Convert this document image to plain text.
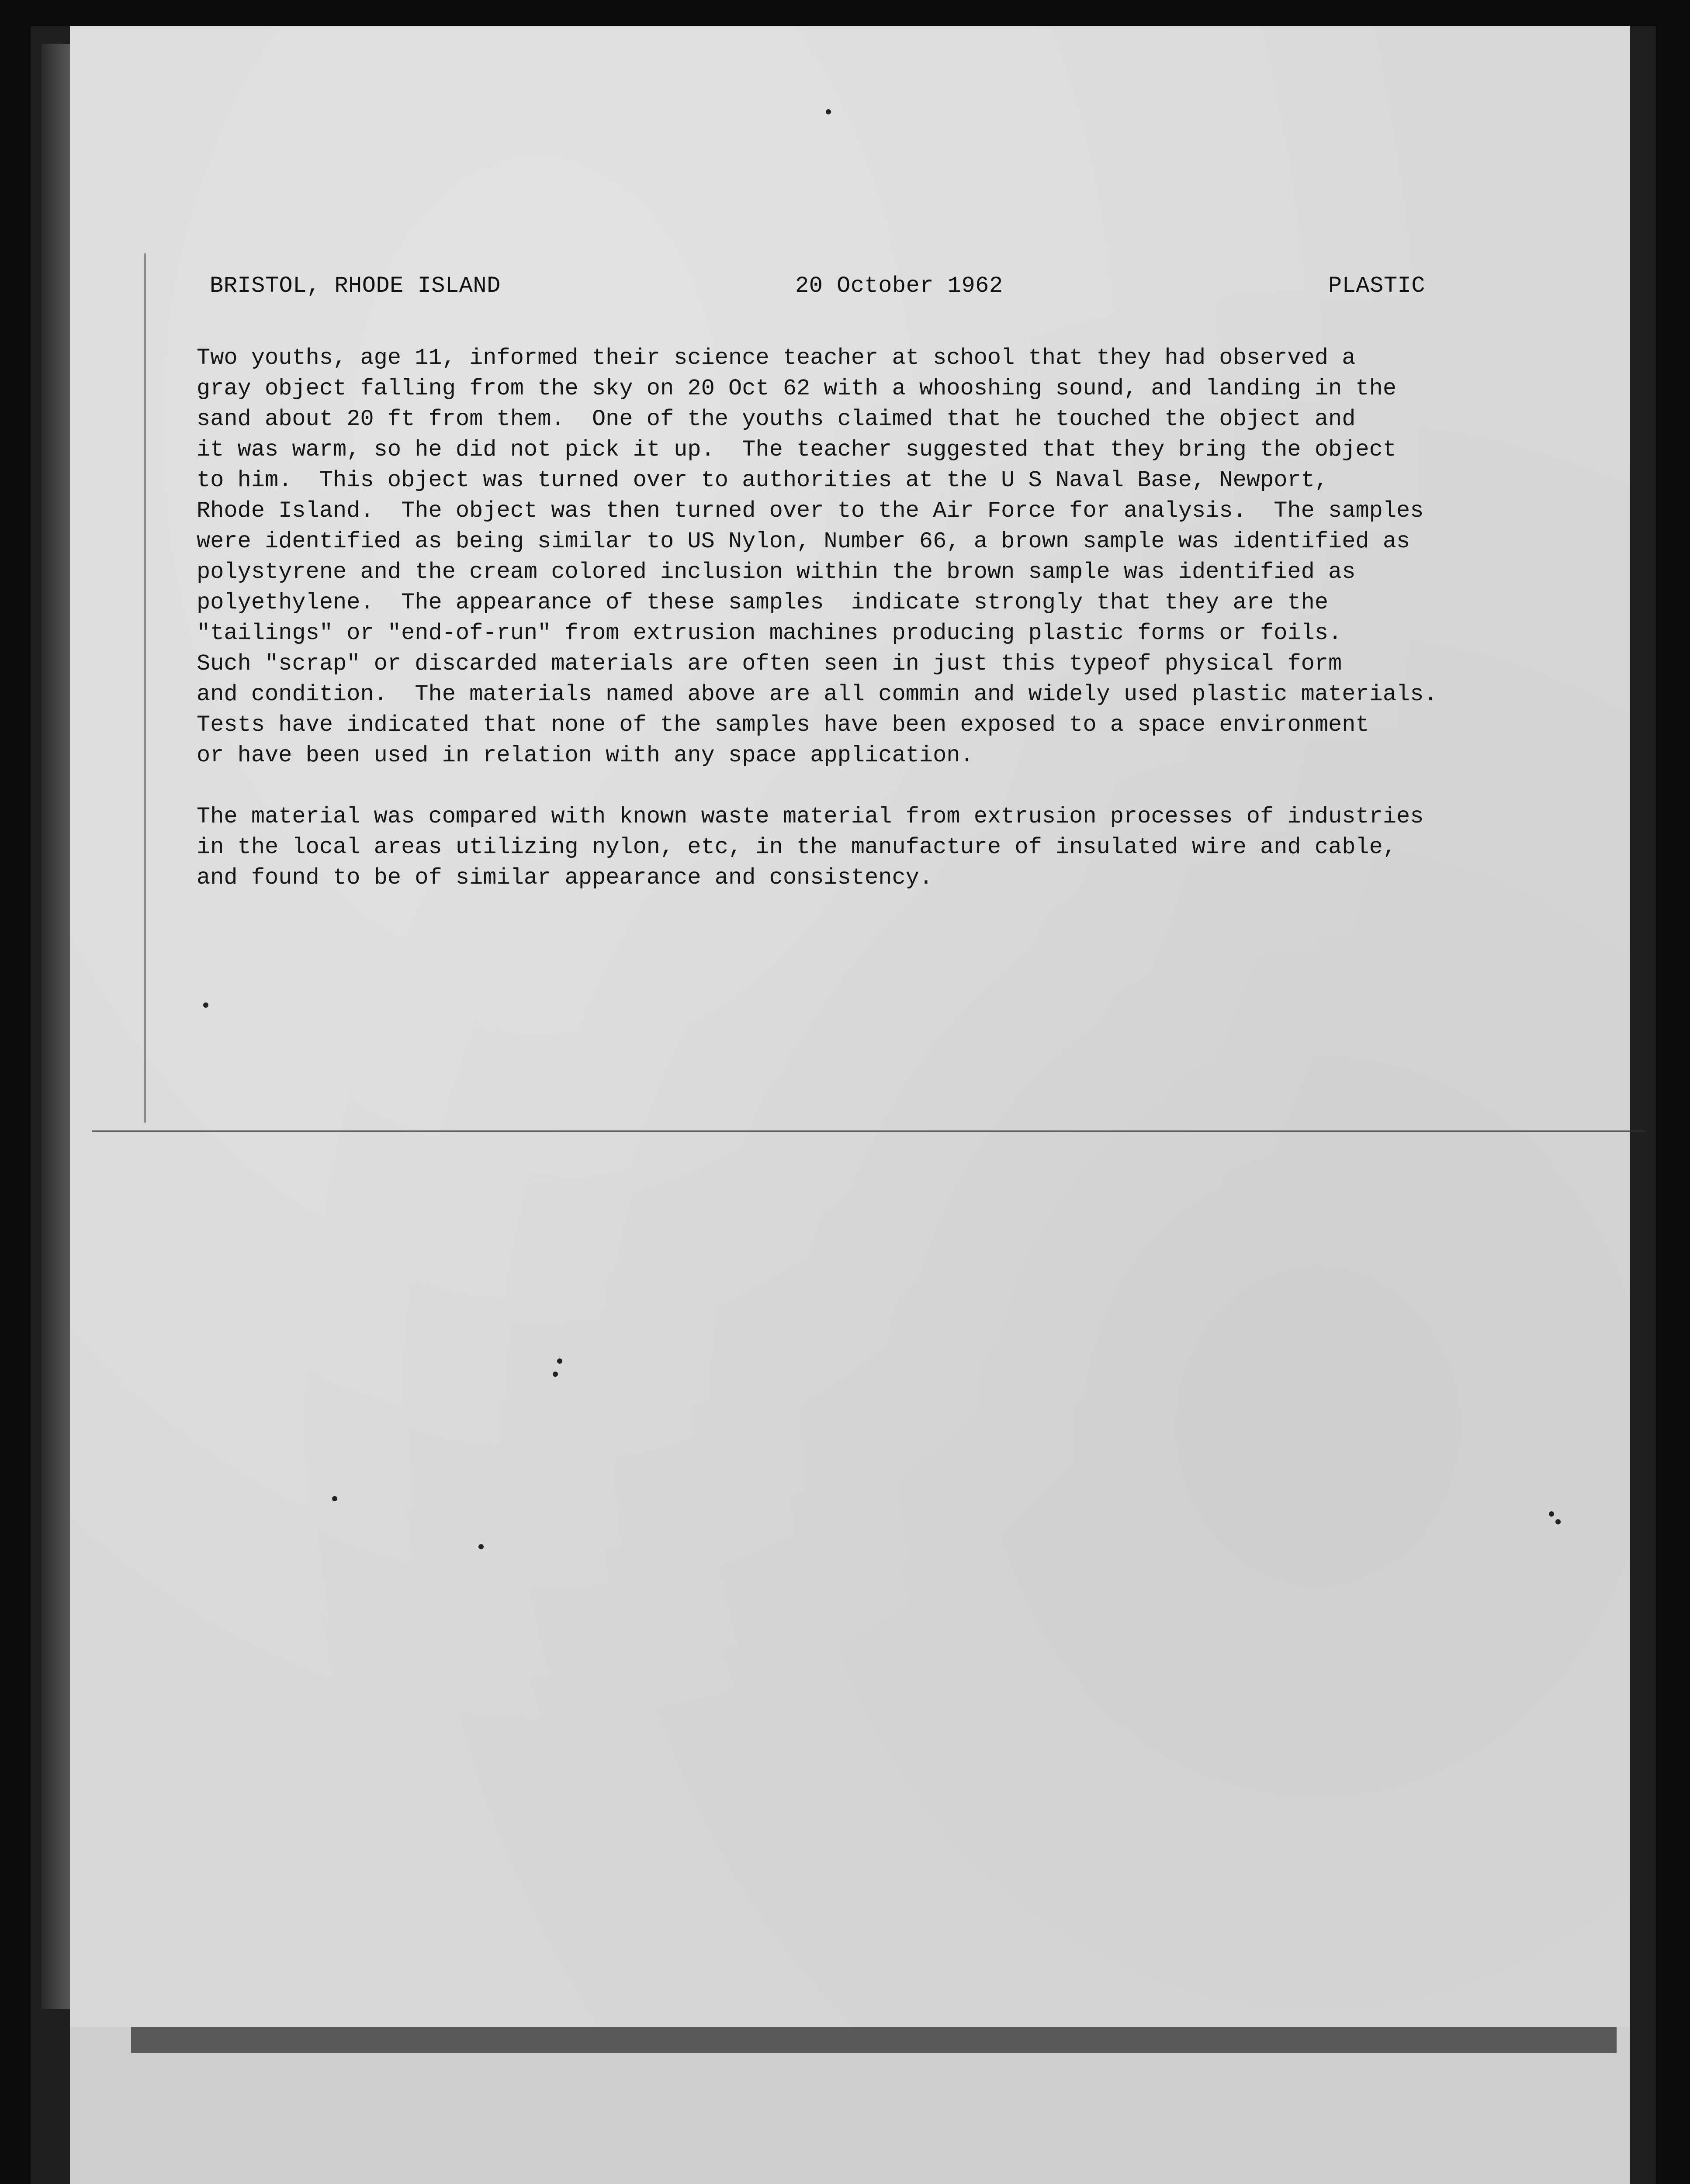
BRISTOL, RHODE ISLAND	20 October 1962	PLASTIC

Two youths, age 11, informed their science teacher at school that they had observed a
gray object falling from the sky on 20 Oct 62 with a whooshing sound, and landing in the
sand about 20 ft from them.  One of the youths claimed that he touched the object and
it was warm, so he did not pick it up.  The teacher suggested that they bring the object
to him.  This object was turned over to authorities at the U S Naval Base, Newport,
Rhode Island.  The object was then turned over to the Air Force for analysis.  The samples
were identified as being similar to US Nylon, Number 66, a brown sample was identified as
polystyrene and the cream colored inclusion within the brown sample was identified as
polyethylene.  The appearance of these samples  indicate strongly that they are the
"tailings" or "end-of-run" from extrusion machines producing plastic forms or foils.
Such "scrap" or discarded materials are often seen in just this typeof physical form
and condition.  The materials named above are all commin and widely used plastic materials.
Tests have indicated that none of the samples have been exposed to a space environment
or have been used in relation with any space application.

The material was compared with known waste material from extrusion processes of industries
in the local areas utilizing nylon, etc, in the manufacture of insulated wire and cable,
and found to be of similar appearance and consistency.
